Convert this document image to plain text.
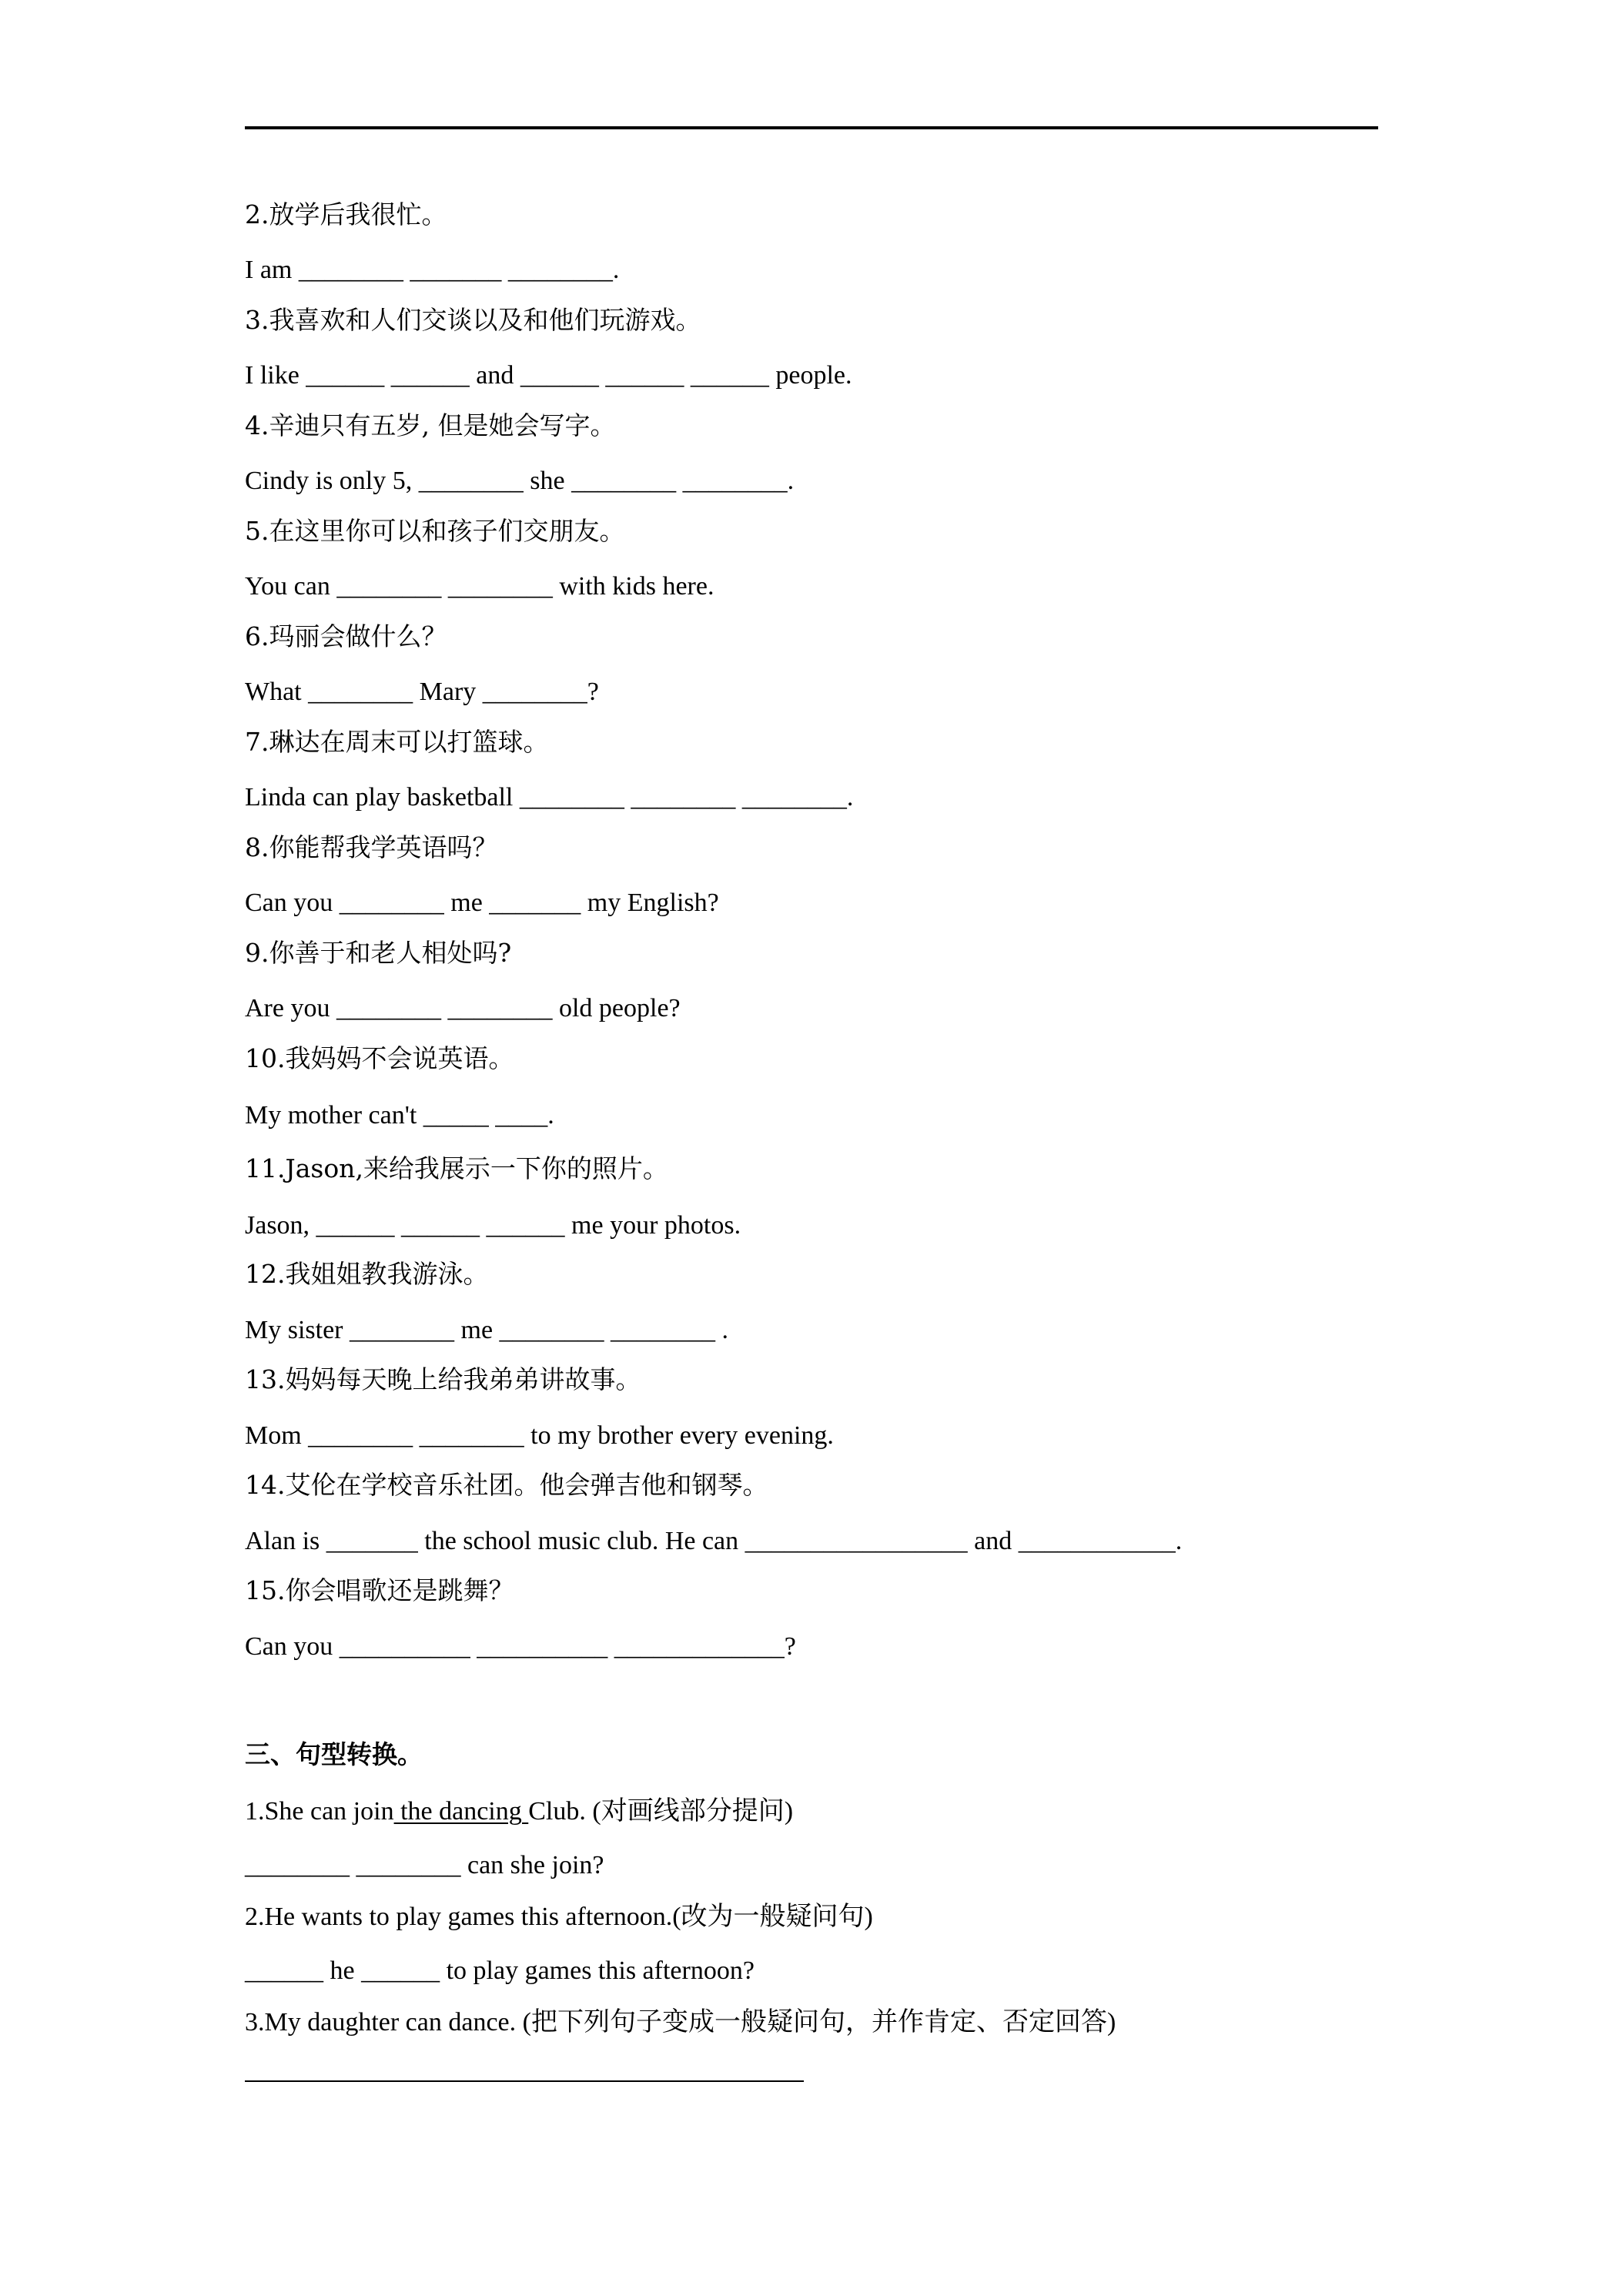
2.放学后我很忙。
I am ________ _______ ________.
3.我喜欢和人们交谈以及和他们玩游戏。
I like ______ ______ and ______ ______ ______ people.
4.辛迪只有五岁, 但是她会写字。
Cindy is only 5, ________ she ________ ________.
5.在这里你可以和孩子们交朋友。
You can ________ ________ with kids here.
6.玛丽会做什么？
What ________ Mary ________?
7.琳达在周末可以打篮球。
Linda can play basketball ________ ________ ________.
8.你能帮我学英语吗？
Can you ________ me _______ my English?
9.你善于和老人相处吗?
Are you ________ ________ old people?
10.我妈妈不会说英语。
My mother can't _____ ____.
11.Jason,来给我展示一下你的照片。
Jason, ______ ______ ______ me your photos.
12.我姐姐教我游泳。
My sister ________ me ________ ________ .
13.妈妈每天晚上给我弟弟讲故事。
Mom ________ ________ to my brother every evening.
14.艾伦在学校音乐社团。他会弹吉他和钢琴。
Alan is _______ the school music club. He can _________________ and ____________.
15.你会唱歌还是跳舞？
Can you __________ __________ _____________?
三、句型转换。
1.She can join the dancing Club. (对画线部分提问)
________ ________ can she join?
2.He wants to play games this afternoon.(改为一般疑问句)
______ he ______ to play games this afternoon?
3.My daughter can dance. (把下列句子变成一般疑问句，并作肯定、否定回答)
